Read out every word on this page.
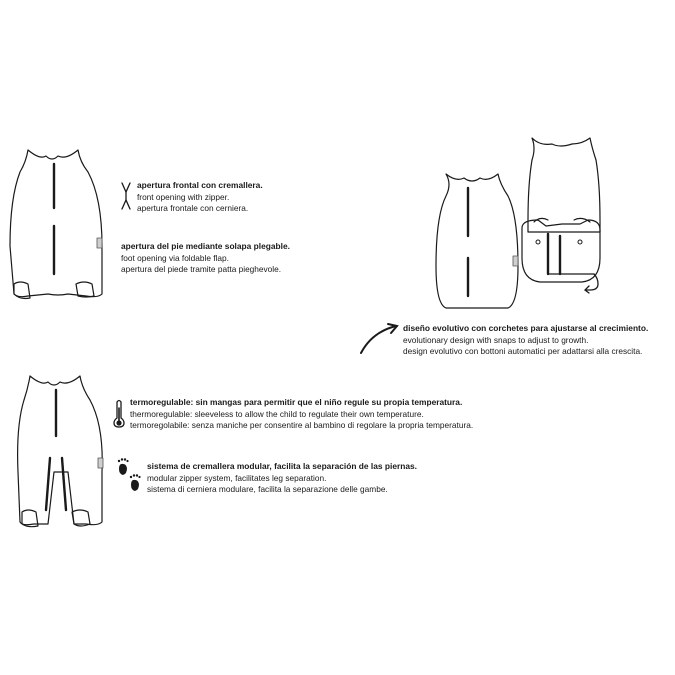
apertura frontal con cremallera.
front opening with zipper.
apertura frontale con cerniera.
apertura del pie mediante solapa plegable.
foot opening via foldable flap.
apertura del piede tramite patta pieghevole.
diseño evolutivo con corchetes para ajustarse al crecimiento.
evolutionary design with snaps to adjust to growth.
design evolutivo con bottoni automatici per adattarsi alla crescita.
termoregulable: sin mangas para permitir que el niño regule su propia temperatura.
thermoregulable: sleeveless to allow the child to regulate their own temperature.
termoregolabile: senza maniche per consentire al bambino di regolare la propria temperatura.
sistema de cremallera modular, facilita la separación de las piernas.
modular zipper system, facilitates leg separation.
sistema di cerniera modulare, facilita la separazione delle gambe.
